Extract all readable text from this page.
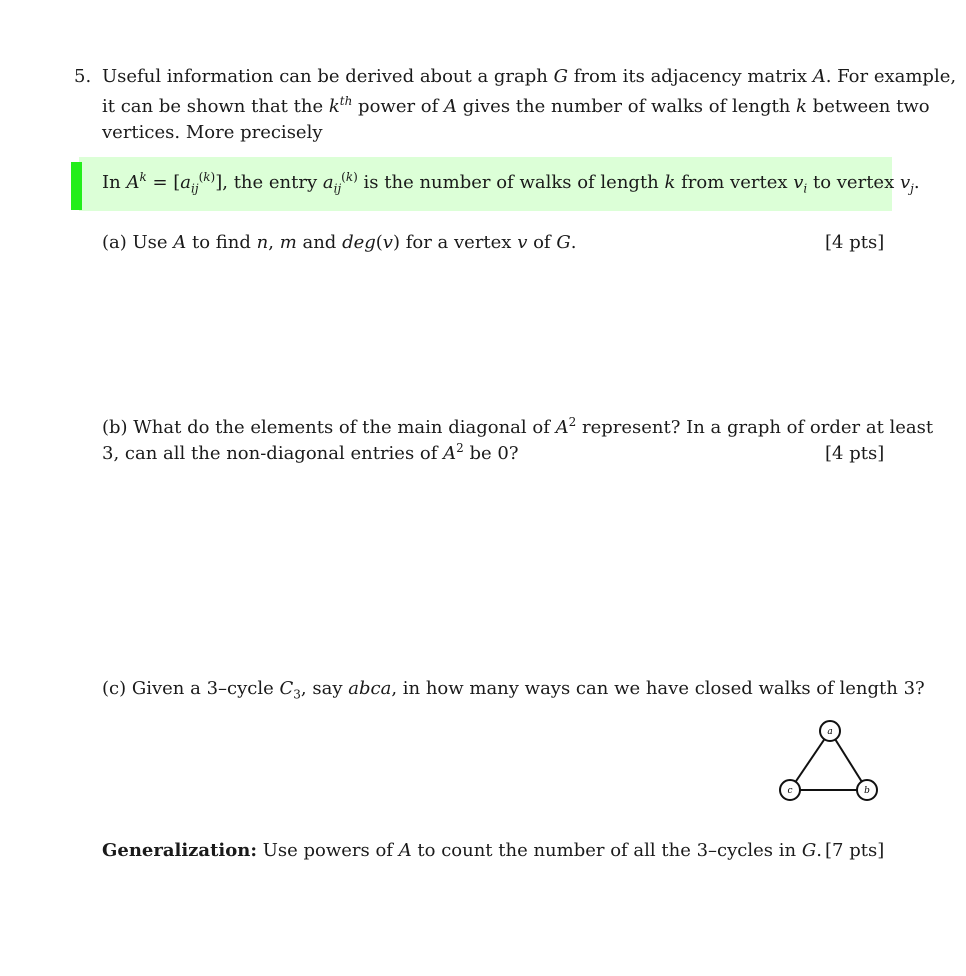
5. Useful information can be derived about a graph G from its adjacency matrix A. For example,
it can be shown that the $k^{th}$ power of A gives the number of walks of length k between two
vertices. More precisely
In $A^k = [a_{ij}^{(k)}]$, the entry $a_{ij}^{(k)}$ is the number of walks of length k from vertex $v_i$ to vertex $v_j$.
(a) Use A to find n, m and deg(v) for a vertex v of G.	[4 pts]
(b) What do the elements of the main diagonal of $A^2$ represent? In a graph of order at least
3, can all the non-diagonal entries of $A^2$ be 0?	[4 pts]
(c) Given a 3–cycle $C_3$, say abca, in how many ways can we have closed walks of length 3?
a
b
c
Generalization: Use powers of A to count the number of all the 3–cycles in G. [7 pts]
